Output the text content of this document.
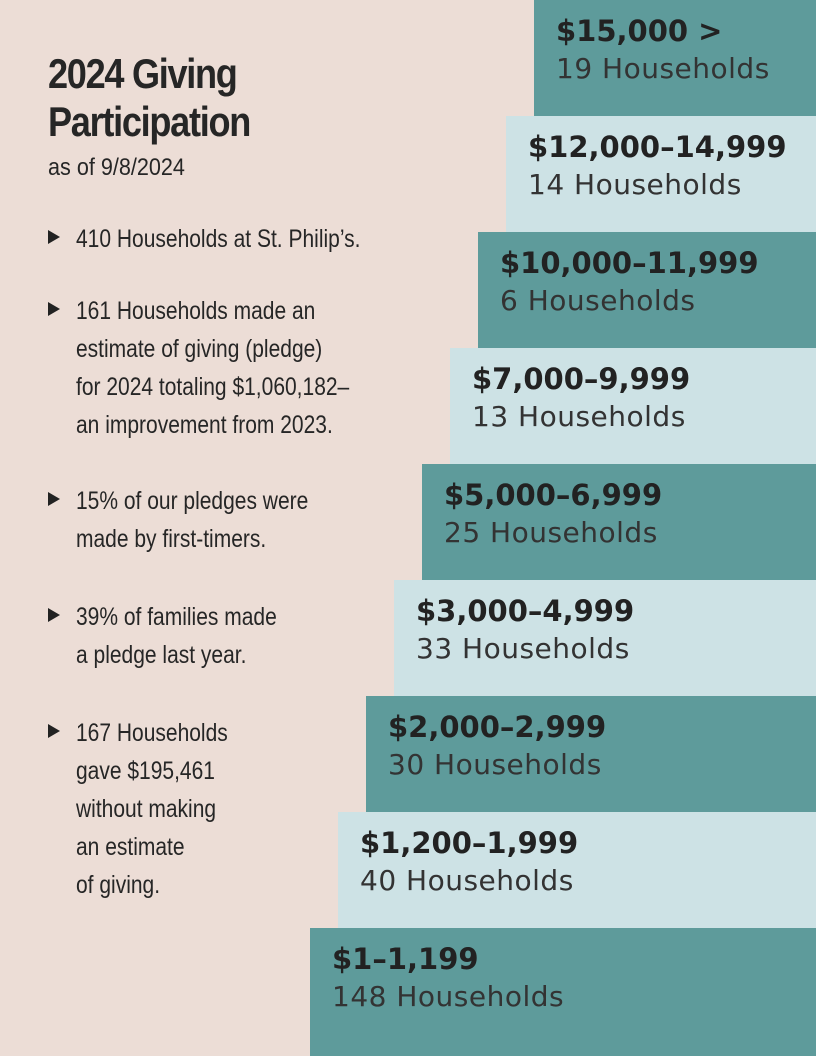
2024 Giving
Participation
as of 9/8/2024
410 Households at St. Philip’s.
161 Households made an
estimate of giving (pledge)
for 2024 totaling $1,060,182–
an improvement from 2023.
15% of our pledges were
made by first-timers.
39% of families made
a pledge last year.
167 Households
gave $195,461
without making
an estimate
of giving.
$15,000 >
19 Households
$12,000–14,999
14 Households
$10,000–11,999
6 Households
$7,000–9,999
13 Households
$5,000–6,999
25 Households
$3,000–4,999
33 Households
$2,000–2,999
30 Households
$1,200–1,999
40 Households
$1–1,199
148 Households
